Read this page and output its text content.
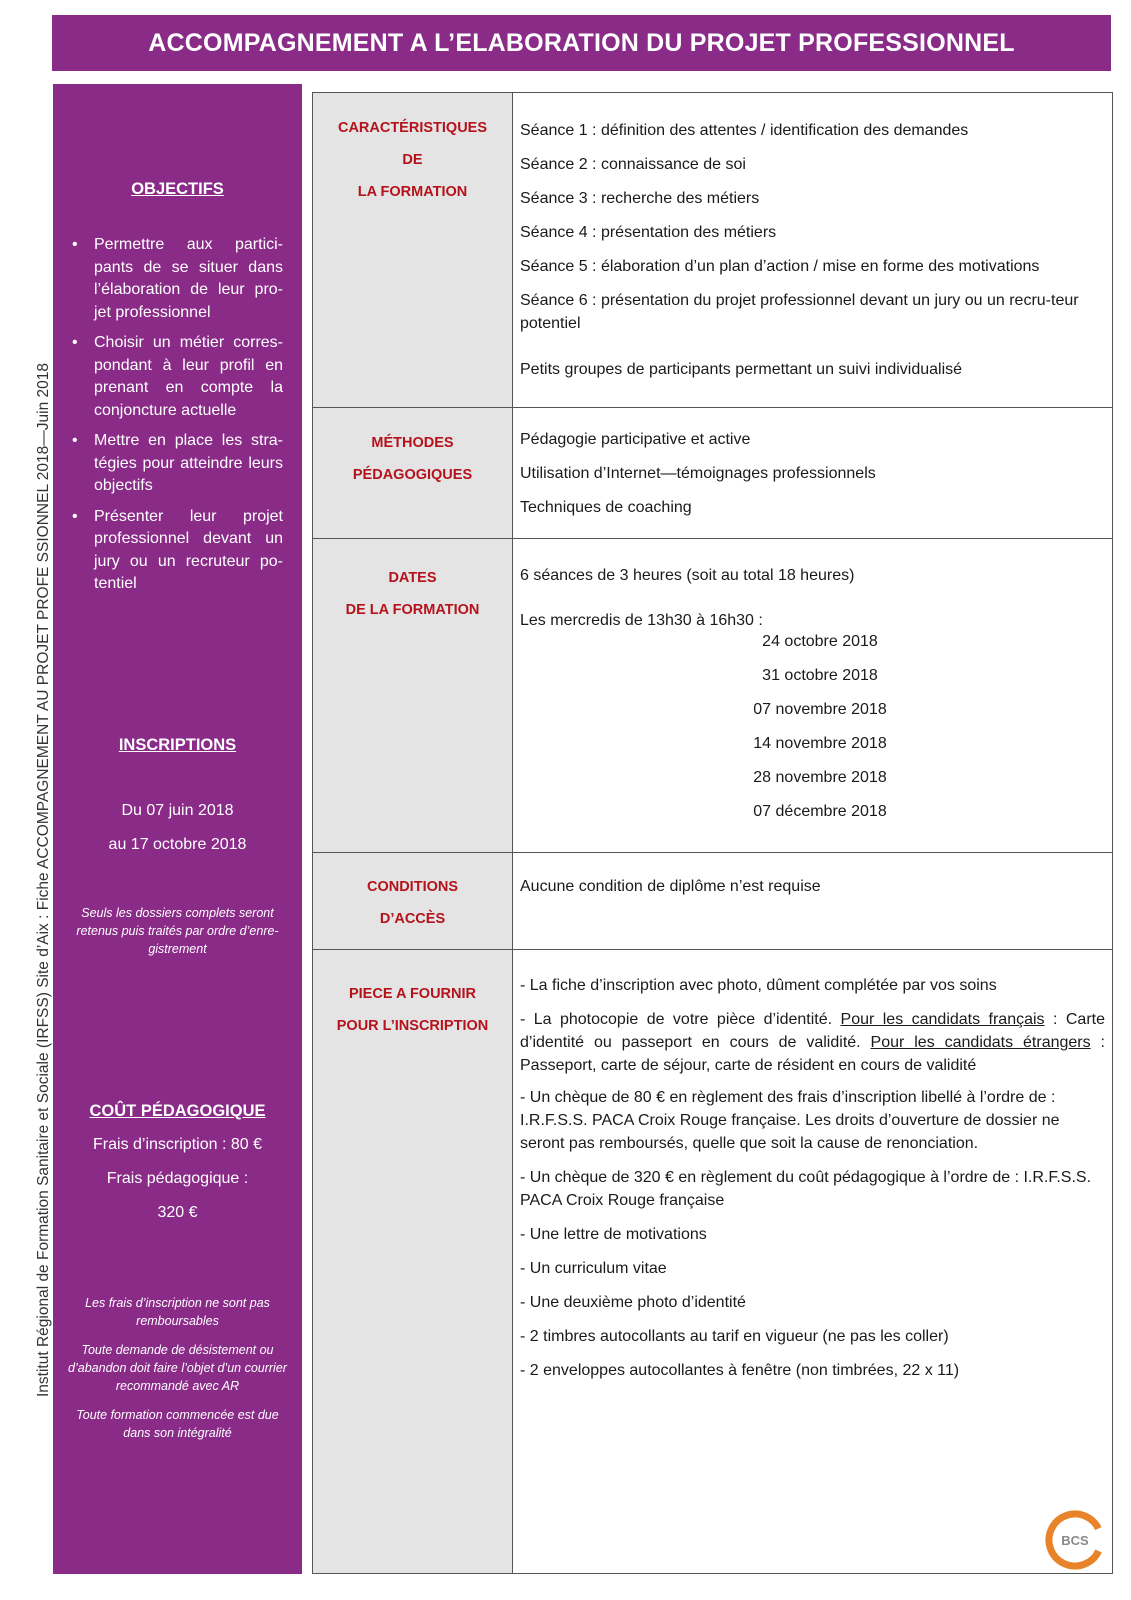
ACCOMPAGNEMENT A L’ELABORATION DU PROJET PROFESSIONNEL
Institut Régional de Formation Sanitaire et Sociale (IRFSS) Site d’Aix : Fiche ACCOMPAGNEMENT AU PROJET PROFE SSIONNEL 2018—Juin 2018
OBJECTIFS
• Permettre aux partici-pants de se situer dans l’élaboration de leur pro-jet professionnel
• Choisir un métier corres-pondant à leur profil en prenant en compte la conjoncture actuelle
• Mettre en place les stra-tégies pour atteindre leurs objectifs
• Présenter leur projet professionnel devant un jury ou un recruteur po-tentiel
INSCRIPTIONS
Du 07 juin 2018
au 17 octobre 2018
Seuls les dossiers complets seront retenus puis traités par ordre d’enre-gistrement
COÛT PÉDAGOGIQUE
Frais d’inscription : 80 €
Frais pédagogique :
320 €
Les frais d’inscription ne sont pas remboursables
Toute demande de désistement ou d’abandon doit faire l’objet d’un courrier recommandé avec AR
Toute formation commencée est due dans son intégralité
CARACTÉRISTIQUES
DE
LA FORMATION
Séance 1 : définition des attentes / identification des demandes
Séance 2 : connaissance de soi
Séance 3 : recherche des métiers
Séance 4 : présentation des métiers
Séance 5 : élaboration d’un plan d’action / mise en forme des motivations
Séance 6 : présentation du projet professionnel devant un jury ou un recru-teur potentiel
Petits groupes de participants permettant un suivi individualisé
MÉTHODES
PÉDAGOGIQUES
Pédagogie participative et active
Utilisation d’Internet—témoignages professionnels
Techniques de coaching
DATES
DE LA FORMATION
6 séances de 3 heures (soit au total 18 heures)
Les mercredis de 13h30 à 16h30 :
24 octobre 2018
31 octobre 2018
07 novembre 2018
14 novembre 2018
28 novembre 2018
07 décembre 2018
CONDITIONS
D’ACCÈS
Aucune condition de diplôme n’est requise
PIECE A FOURNIR
POUR L’INSCRIPTION
- La fiche d’inscription avec photo, dûment complétée par vos soins
- La photocopie de votre pièce d’identité. Pour les candidats français : Carte d’identité ou passeport en cours de validité. Pour les candidats étrangers : Passeport, carte de séjour, carte de résident en cours de validité
- Un chèque de 80 € en règlement des frais d’inscription libellé à l’ordre de : I.R.F.S.S. PACA Croix Rouge française. Les droits d’ouverture de dossier ne seront pas remboursés, quelle que soit la cause de renonciation.
- Un chèque de 320 € en règlement du coût pédagogique à l’ordre de : I.R.F.S.S. PACA Croix Rouge française
- Une lettre de motivations
- Un curriculum vitae
- Une deuxième photo d’identité
- 2 timbres autocollants au tarif en vigueur (ne pas les coller)
- 2 enveloppes autocollantes à fenêtre (non timbrées, 22 x 11)
BCS
